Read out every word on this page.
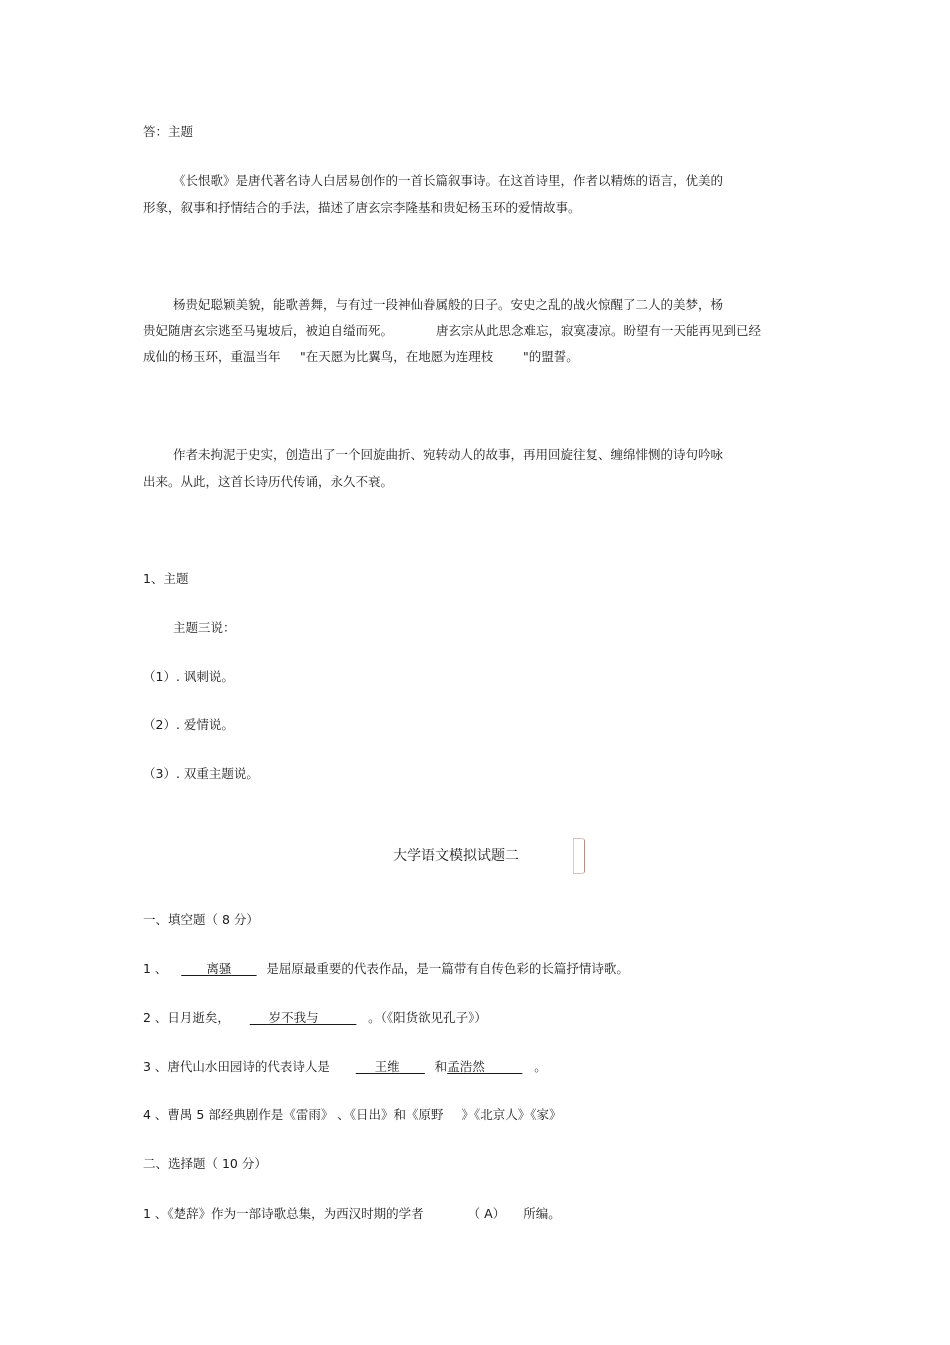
答：主题
《长恨歌》是唐代著名诗人白居易创作的一首长篇叙事诗。在这首诗里，作者以精炼的语言，优美的
形象，叙事和抒情结合的手法，描述了唐玄宗李隆基和贵妃杨玉环的爱情故事。
杨贵妃聪颖美貌，能歌善舞，与有过一段神仙眷属般的日子。安史之乱的战火惊醒了二人的美梦，杨
贵妃随唐玄宗逃至马嵬坡后，被迫自缢而死。	唐玄宗从此思念难忘，寂寞凄凉。盼望有一天能再见到已经
成仙的杨玉环，重温当年 "在天愿为比翼鸟，在地愿为连理枝 "的盟誓。
作者未拘泥于史实，创造出了一个回旋曲折、宛转动人的故事，再用回旋往复、缠绵悱恻的诗句吟咏
出来。从此，这首长诗历代传诵，永久不衰。
1、主题
主题三说：
（1）. 讽刺说。
（2）. 爱情说。
（3）. 双重主题说。
大学语文模拟试题二
一、填空题（ 8 分）
1 、 ____离骚____ 是屈原最重要的代表作品，是一篇带有自传色彩的长篇抒情诗歌。
2 、日月逝矣， ___岁不我与______ 。（《阳货欲见孔子》）
3 、唐代山水田园诗的代表诗人是 ___王维____ 和孟浩然______ 。
4 、曹禺 5 部经典剧作是《雷雨》 、《日出》和《原野 》《北京人》《家》
二、选择题（ 10 分）
1 、《楚辞》作为一部诗歌总集，为西汉时期的学者	（ A） 所编。
